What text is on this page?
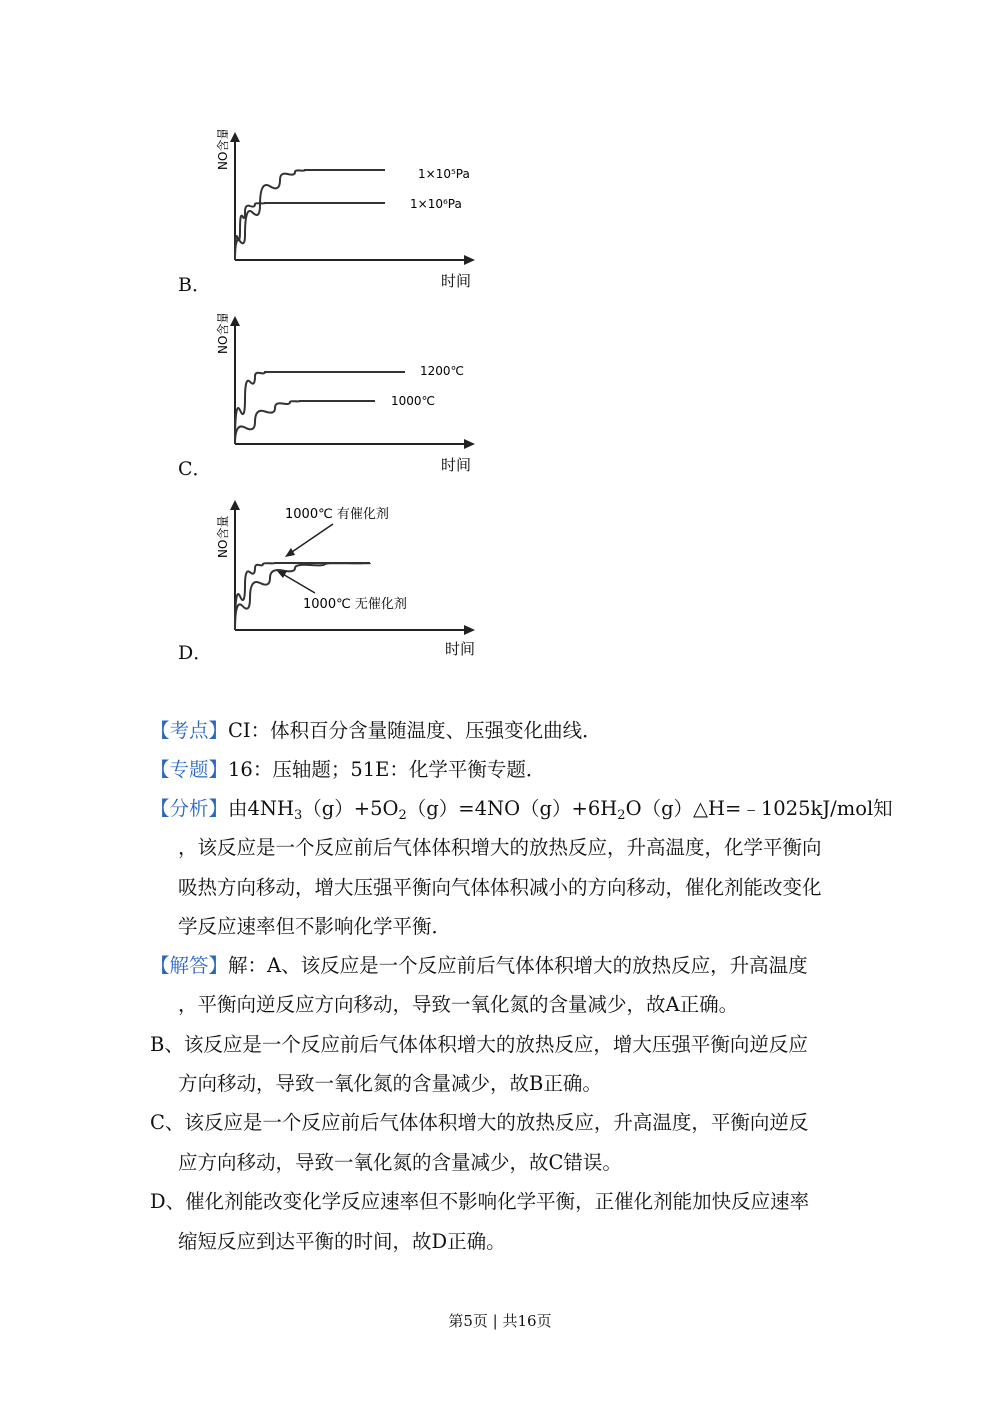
NO含量
1×10⁵Pa
1×10⁶Pa
时间
B．
NO含量
1200℃
1000℃
时间
C．
NO含量
1000℃ 有催化剂
1000℃ 无催化剂
时间
D．
【考点】CI：体积百分含量随温度、压强变化曲线．
【专题】16：压轴题；51E：化学平衡专题．
【分析】由$4NH_3(g)+5O_2(g)=4NO(g)+6H_2O(g)\triangle H=﹣1025kJ$/mol知
，该反应是一个反应前后气体体积增大的放热反应，升高温度，化学平衡向
吸热方向移动，增大压强平衡向气体体积减小的方向移动，催化剂能改变化
学反应速率但不影响化学平衡．
【解答】解：A、该反应是一个反应前后气体体积增大的放热反应，升高温度
，平衡向逆反应方向移动，导致一氧化氮的含量减少，故A正确。
B、该反应是一个反应前后气体体积增大的放热反应，增大压强平衡向逆反应
方向移动，导致一氧化氮的含量减少，故B正确。
C、该反应是一个反应前后气体体积增大的放热反应，升高温度，平衡向逆反
应方向移动，导致一氧化氮的含量减少，故C错误。
D、催化剂能改变化学反应速率但不影响化学平衡，正催化剂能加快反应速率
缩短反应到达平衡的时间，故D正确。
第5页 | 共16页
